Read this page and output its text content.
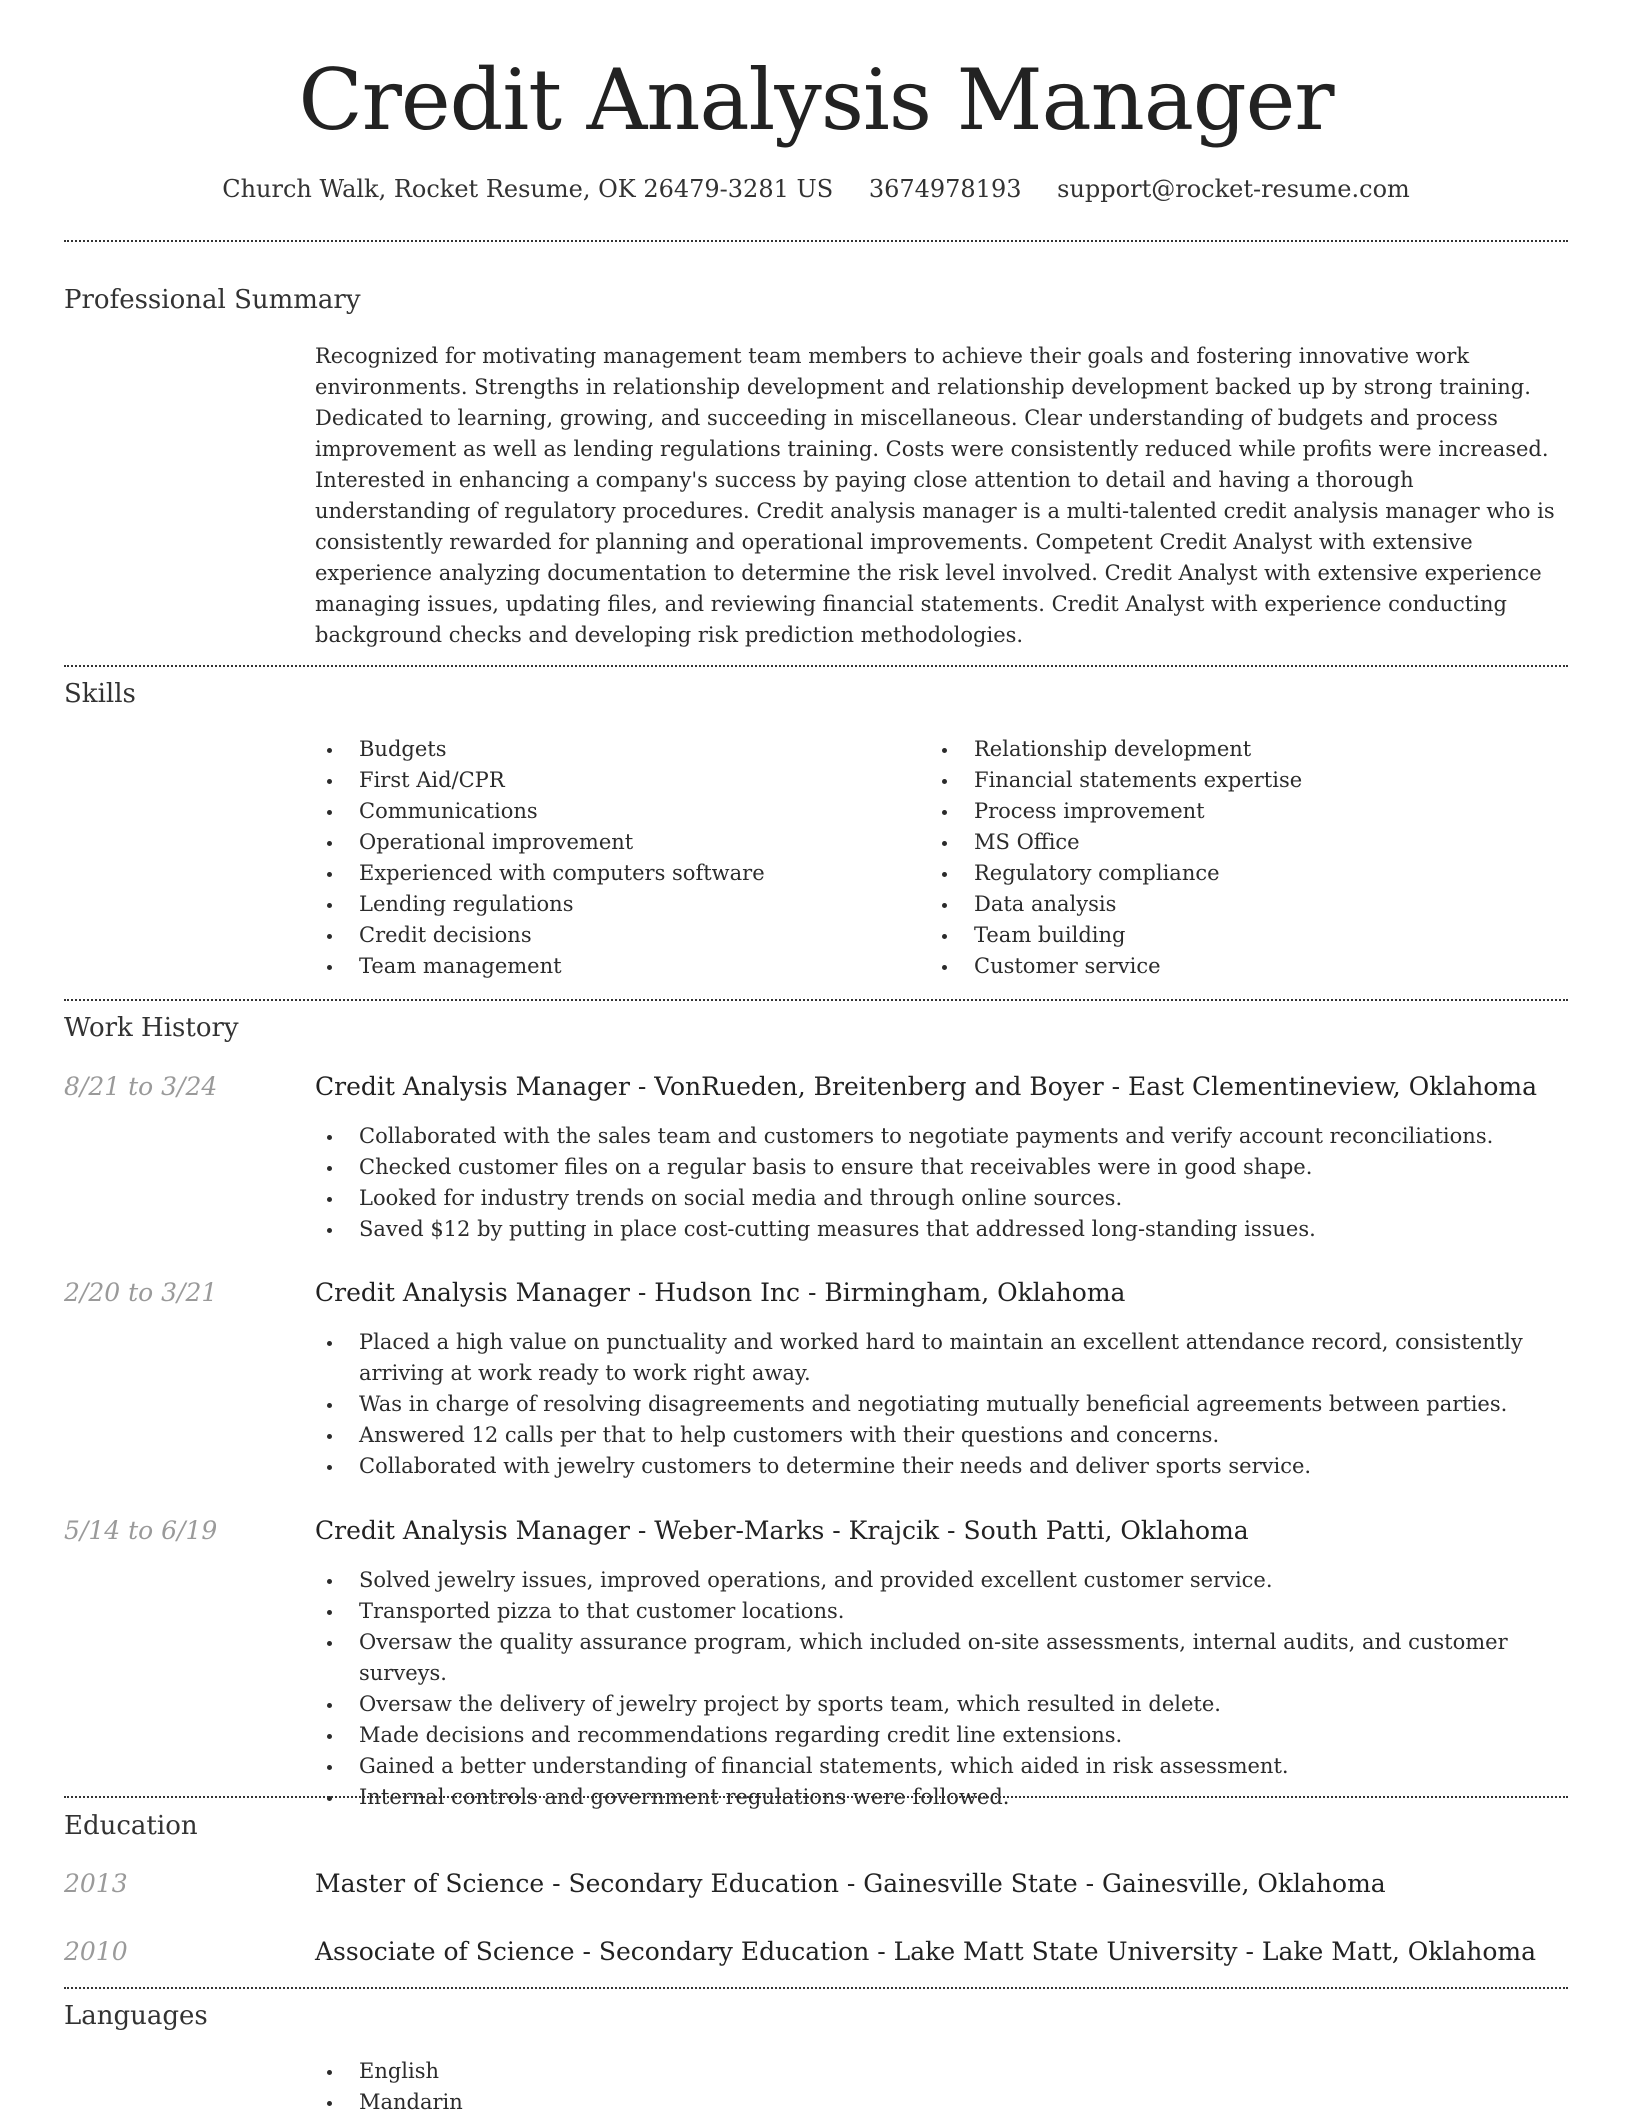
Credit Analysis Manager
Church Walk, Rocket Resume, OK 26479-3281 US 3674978193 support@rocket-resume.com
Professional Summary

Recognized for motivating management team members to achieve their goals and fostering innovative work environments. Strengths in relationship development and relationship development backed up by strong training. Dedicated to learning, growing, and succeeding in miscellaneous. Clear understanding of budgets and process improvement as well as lending regulations training. Costs were consistently reduced while profits were increased. Interested in enhancing a company's success by paying close attention to detail and having a thorough understanding of regulatory procedures. Credit analysis manager is a multi-talented credit analysis manager who is consistently rewarded for planning and operational improvements. Competent Credit Analyst with extensive experience analyzing documentation to determine the risk level involved. Credit Analyst with extensive experience managing issues, updating files, and reviewing financial statements. Credit Analyst with experience conducting background checks and developing risk prediction methodologies.

Skills
• Budgets
• First Aid/CPR
• Communications
• Operational improvement
• Experienced with computers software
• Lending regulations
• Credit decisions
• Team management
• Relationship development
• Financial statements expertise
• Process improvement
• MS Office
• Regulatory compliance
• Data analysis
• Team building
• Customer service
Work History
8/21 to 3/24	Credit Analysis Manager - VonRueden, Breitenberg and Boyer - East Clementineview, Oklahoma
• Collaborated with the sales team and customers to negotiate payments and verify account reconciliations.
• Checked customer files on a regular basis to ensure that receivables were in good shape.
• Looked for industry trends on social media and through online sources.
• Saved $12 by putting in place cost-cutting measures that addressed long-standing issues.
2/20 to 3/21	Credit Analysis Manager - Hudson Inc - Birmingham, Oklahoma
• Placed a high value on punctuality and worked hard to maintain an excellent attendance record, consistently arriving at work ready to work right away.
• Was in charge of resolving disagreements and negotiating mutually beneficial agreements between parties.
• Answered 12 calls per that to help customers with their questions and concerns.
• Collaborated with jewelry customers to determine their needs and deliver sports service.
5/14 to 6/19	Credit Analysis Manager - Weber-Marks - Krajcik - South Patti, Oklahoma
• Solved jewelry issues, improved operations, and provided excellent customer service.
• Transported pizza to that customer locations.
• Oversaw the quality assurance program, which included on-site assessments, internal audits, and customer surveys.
• Oversaw the delivery of jewelry project by sports team, which resulted in delete.
• Made decisions and recommendations regarding credit line extensions.
• Gained a better understanding of financial statements, which aided in risk assessment.
• Internal controls and government regulations were followed.
Education
2013	Master of Science - Secondary Education - Gainesville State - Gainesville, Oklahoma
2010	Associate of Science - Secondary Education - Lake Matt State University - Lake Matt, Oklahoma
Languages
• English
• Mandarin
